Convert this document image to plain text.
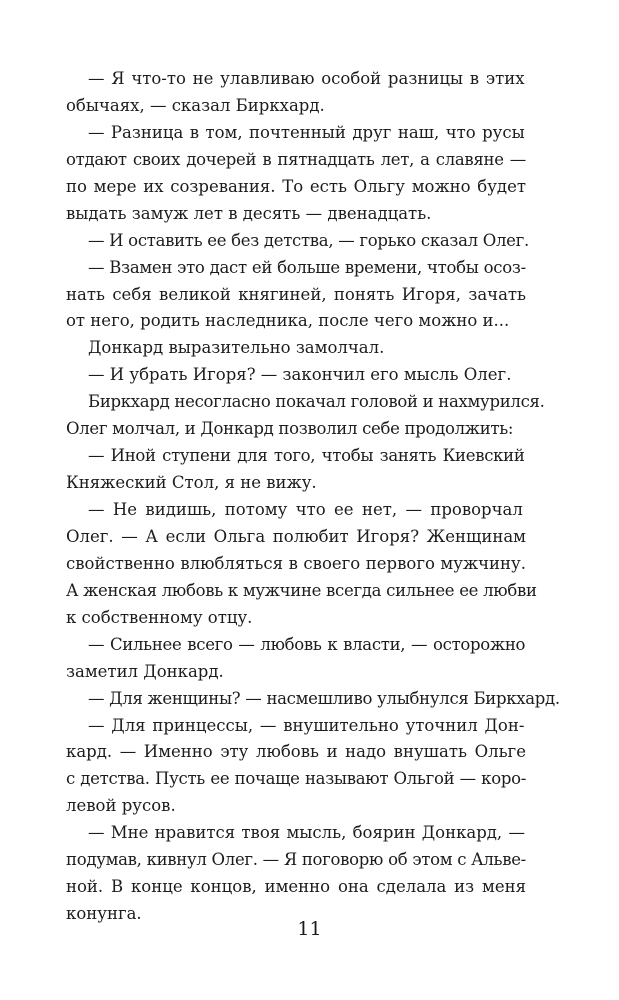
— Я что-то не улавливаю особой разницы в этих
обычаях, — сказал Биркхард.
— Разница в том, почтенный друг наш, что русы
отдают своих дочерей в пятнадцать лет, а славяне —
по мере их созревания. То есть Ольгу можно будет
выдать замуж лет в десять — двенадцать.
— И оставить ее без детства, — горько сказал Олег.
— Взамен это даст ей больше времени, чтобы осоз-
нать себя великой княгиней, понять Игоря, зачать
от него, родить наследника, после чего можно и...
Донкард выразительно замолчал.
— И убрать Игоря? — закончил его мысль Олег.
Биркхард несогласно покачал головой и нахмурился.
Олег молчал, и Донкард позволил себе продолжить:
— Иной ступени для того, чтобы занять Киевский
Княжеский Стол, я не вижу.
— Не видишь, потому что ее нет, — проворчал
Олег. — А если Ольга полюбит Игоря? Женщинам
свойственно влюбляться в своего первого мужчину.
А женская любовь к мужчине всегда сильнее ее любви
к собственному отцу.
— Сильнее всего — любовь к власти, — осторожно
заметил Донкард.
— Для женщины? — насмешливо улыбнулся Биркхард.
— Для принцессы, — внушительно уточнил Дон-
кард. — Именно эту любовь и надо внушать Ольге
с детства. Пусть ее почаще называют Ольгой — коро-
левой русов.
— Мне нравится твоя мысль, боярин Донкард, —
подумав, кивнул Олег. — Я поговорю об этом с Альве-
ной. В конце концов, именно она сделала из меня
конунга.
11
